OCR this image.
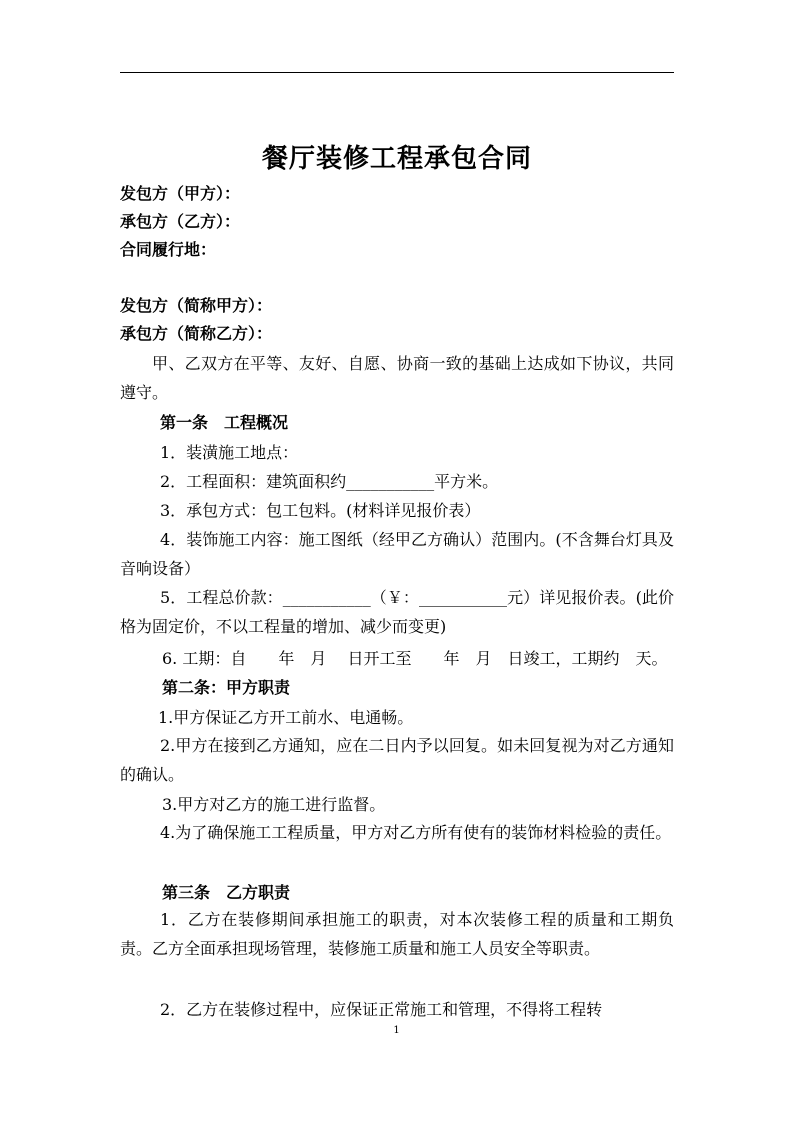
餐厅装修工程承包合同
发包方（甲方）：
承包方（乙方）：
合同履行地：
发包方（简称甲方）：
承包方（简称乙方）：

甲、乙双方在平等、友好、自愿、协商一致的基础上达成如下协议，共同遵守。

第一条　工程概况
1．装潢施工地点：
2．工程面积：建筑面积约___________平方米。
3．承包方式：包工包料。(材料详见报价表）

4．装饰施工内容：施工图纸（经甲乙方确认）范围内。(不含舞台灯具及音响设备）

5．工程总价款：___________（￥：___________元）详见报价表。(此价格为固定价，不以工程量的增加、减少而变更)

6. 工期：自　　年　月　 日开工至　　年　月　日竣工，工期约　天。
第二条：甲方职责
1.甲方保证乙方开工前水、电通畅。

2.甲方在接到乙方通知，应在二日内予以回复。如未回复视为对乙方通知的确认。

3.甲方对乙方的施工进行监督。

4.为了确保施工工程质量，甲方对乙方所有使有的装饰材料检验的责任。

第三条　乙方职责

1．乙方在装修期间承担施工的职责，对本次装修工程的质量和工期负责。乙方全面承担现场管理，装修施工质量和施工人员安全等职责。

2．乙方在装修过程中，应保证正常施工和管理，不得将工程转

1
